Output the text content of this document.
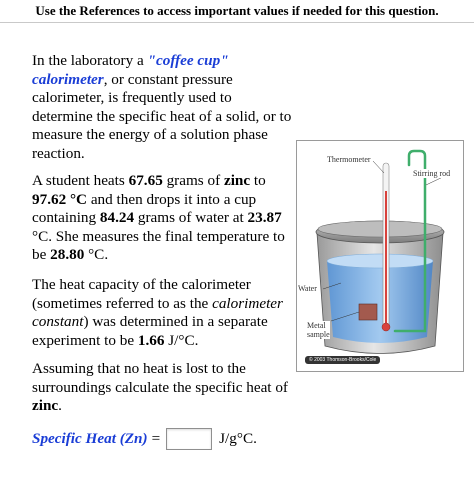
Use the References to access important values if needed for this question.
In the laboratory a "coffee cup" calorimeter, or constant pressure calorimeter, is frequently used to determine the specific heat of a solid, or to measure the energy of a solution phase reaction.
A student heats 67.65 grams of zinc to 97.62 °C and then drops it into a cup containing 84.24 grams of water at 23.87 °C. She measures the final temperature to be 28.80 °C.
The heat capacity of the calorimeter (sometimes referred to as the calorimeter constant) was determined in a separate experiment to be 1.66 J/°C.
Assuming that no heat is lost to the surroundings calculate the specific heat of zinc.
Specific Heat (Zn) =	J/g°C.
Thermometer
Stirring rod
Water
Metal
sample
© 2003 Thomson-Brooks/Cole
